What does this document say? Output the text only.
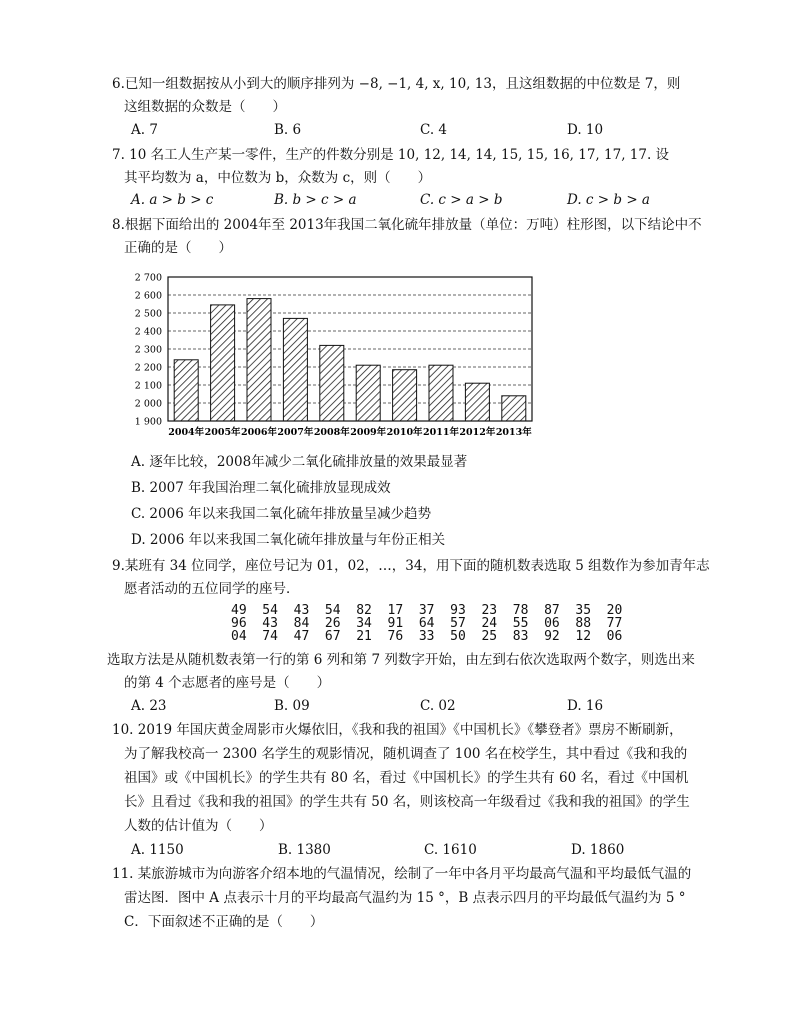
6.已知一组数据按从小到大的顺序排列为 −8, −1, 4, x, 10, 13，且这组数据的中位数是 7，则
这组数据的众数是（　　）
A. 7	B. 6	C. 4	D. 10
7. 10 名工人生产某一零件，生产的件数分别是 10, 12, 14, 14, 15, 15, 16, 17, 17, 17. 设
其平均数为 a，中位数为 b，众数为 c，则（　　）
A. a > b > c	B. b > c > a	C. c > a > b	D. c > b > a
8.根据下面给出的 2004年至 2013年我国二氧化硫年排放量（单位：万吨）柱形图，以下结论中不
正确的是（　　）
2 700
2 600
2 500
2 400
2 300
2 200
2 100
2 000
1 900
2004年 2005年 2006年 2007年 2008年 2009年 2010年 2011年 2012年 2013年
A. 逐年比较，2008年减少二氧化硫排放量的效果最显著
B. 2007 年我国治理二氧化硫排放显现成效
C. 2006 年以来我国二氧化硫年排放量呈减少趋势
D. 2006 年以来我国二氧化硫年排放量与年份正相关
9.某班有 34 位同学，座位号记为 01，02，…，34，用下面的随机数表选取 5 组数作为参加青年志
愿者活动的五位同学的座号．
49  54  43  54  82  17  37  93  23  78  87  35  20
96  43  84  26  34  91  64  57  24  55  06  88  77
04  74  47  67  21  76  33  50  25  83  92  12  06
选取方法是从随机数表第一行的第 6 列和第 7 列数字开始，由左到右依次选取两个数字，则选出来
的第 4 个志愿者的座号是（　　）
A. 23	B. 09	C. 02	D. 16
10. 2019 年国庆黄金周影市火爆依旧，《我和我的祖国》《中国机长》《攀登者》票房不断刷新，
为了解我校高一 2300 名学生的观影情况，随机调查了 100 名在校学生，其中看过《我和我的
祖国》或《中国机长》的学生共有 80 名，看过《中国机长》的学生共有 60 名，看过《中国机
长》且看过《我和我的祖国》的学生共有 50 名，则该校高一年级看过《我和我的祖国》的学生
人数的估计值为（　　）
A. 1150	B. 1380	C. 1610	D. 1860
11. 某旅游城市为向游客介绍本地的气温情况，绘制了一年中各月平均最高气温和平均最低气温的
雷达图．图中 A 点表示十月的平均最高气温约为 15 °，B 点表示四月的平均最低气温约为 5 °
C．下面叙述不正确的是（　　）
